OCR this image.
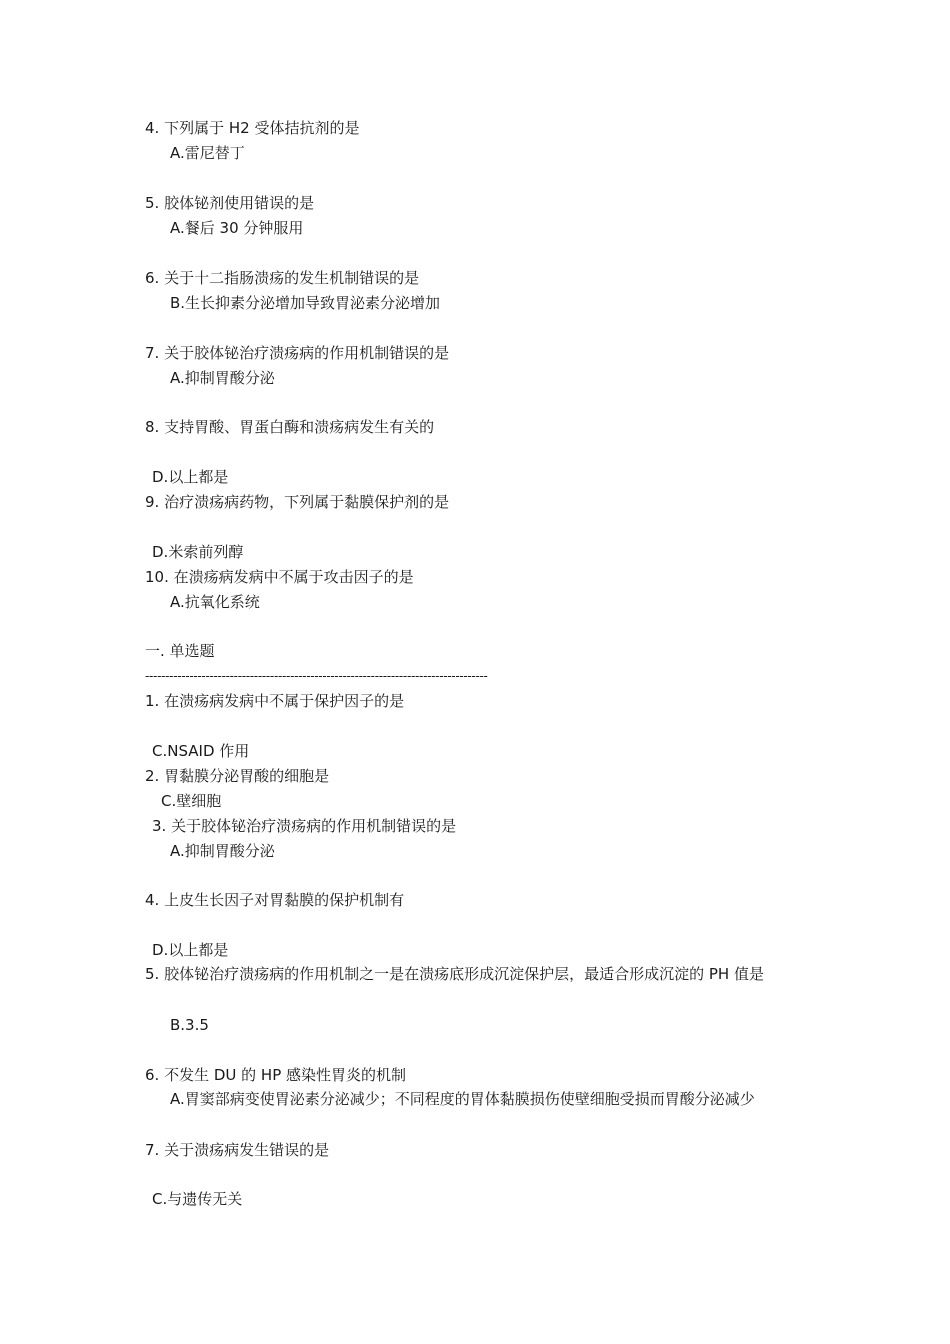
4. 下列属于 H2 受体拮抗剂的是
A.雷尼替丁
5. 胶体铋剂使用错误的是
A.餐后 30 分钟服用
6. 关于十二指肠溃疡的发生机制错误的是
B.生长抑素分泌增加导致胃泌素分泌增加
7. 关于胶体铋治疗溃疡病的作用机制错误的是
A.抑制胃酸分泌
8. 支持胃酸、胃蛋白酶和溃疡病发生有关的
D.以上都是
9. 治疗溃疡病药物，下列属于黏膜保护剂的是
D.米索前列醇
10. 在溃疡病发病中不属于攻击因子的是
A.抗氧化系统
一. 单选题
-------------------------------------------------------------------------------------
1. 在溃疡病发病中不属于保护因子的是
C.NSAID 作用
2. 胃黏膜分泌胃酸的细胞是
C.壁细胞
3. 关于胶体铋治疗溃疡病的作用机制错误的是
A.抑制胃酸分泌
4. 上皮生长因子对胃黏膜的保护机制有
D.以上都是
5. 胶体铋治疗溃疡病的作用机制之一是在溃疡底形成沉淀保护层，最适合形成沉淀的 PH 值是
B.3.5
6. 不发生 DU 的 HP 感染性胃炎的机制
A.胃窦部病变使胃泌素分泌减少；不同程度的胃体黏膜损伤使壁细胞受损而胃酸分泌减少
7. 关于溃疡病发生错误的是
C.与遗传无关
